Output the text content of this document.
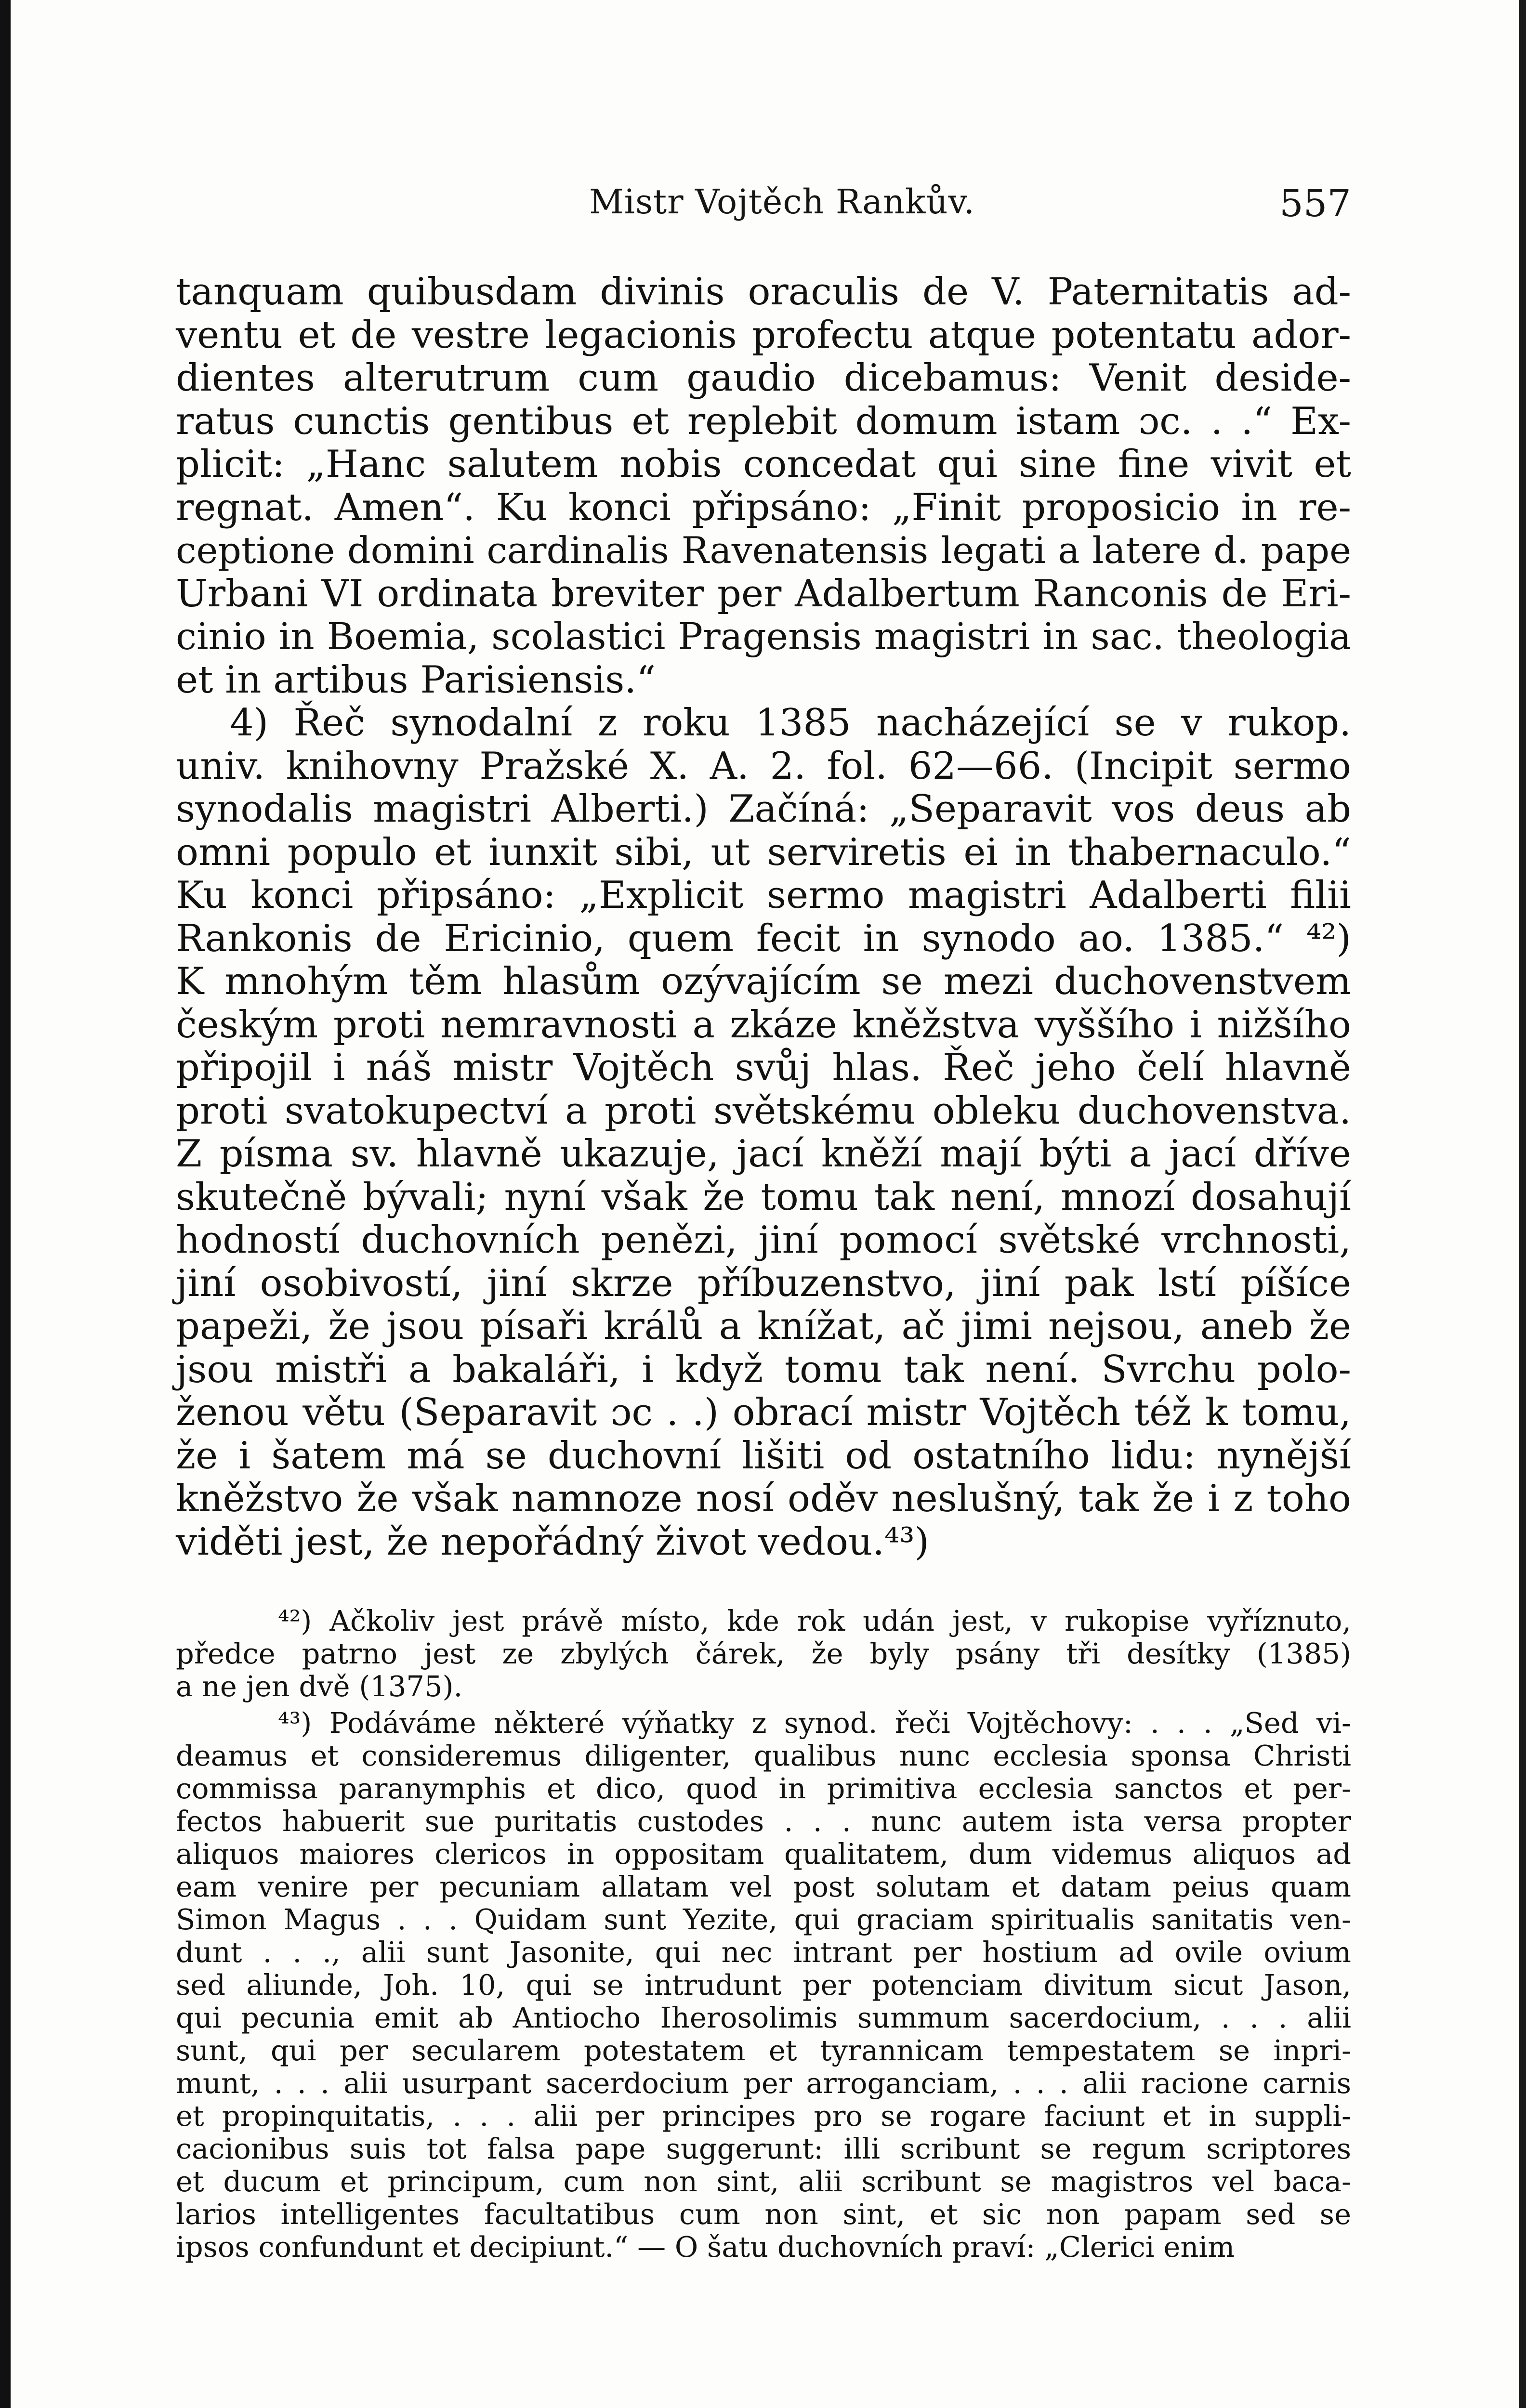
Mistr Vojtěch Rankův.	557
tanquam quibusdam divinis oraculis de V. Paternitatis ad-
ventu et de vestre legacionis profectu atque potentatu ador-
dientes alterutrum cum gaudio dicebamus: Venit deside-
ratus cunctis gentibus et replebit domum istam ɔc. . .“ Ex-
plicit: „Hanc salutem nobis concedat qui sine fine vivit et
regnat. Amen“. Ku konci připsáno: „Finit proposicio in re-
ceptione domini cardinalis Ravenatensis legati a latere d. pape
Urbani VI ordinata breviter per Adalbertum Ranconis de Eri-
cinio in Boemia, scolastici Pragensis magistri in sac. theologia
et in artibus Parisiensis.“
4) Řeč synodalní z roku 1385 nacházející se v rukop.
univ. knihovny Pražské X. A. 2. fol. 62—66. (Incipit sermo
synodalis magistri Alberti.) Začíná: „Separavit vos deus ab
omni populo et iunxit sibi, ut serviretis ei in thabernaculo.“
Ku konci připsáno: „Explicit sermo magistri Adalberti filii
Rankonis de Ericinio, quem fecit in synodo ao. 1385.“ ⁴²)
K mnohým těm hlasům ozývajícím se mezi duchovenstvem
českým proti nemravnosti a zkáze kněžstva vyššího i nižšího
připojil i náš mistr Vojtěch svůj hlas. Řeč jeho čelí hlavně
proti svatokupectví a proti světskému obleku duchovenstva.
Z písma sv. hlavně ukazuje, jací kněží mají býti a jací dříve
skutečně bývali; nyní však že tomu tak není, mnozí dosahují
hodností duchovních penězi, jiní pomocí světské vrchnosti,
jiní osobivostí, jiní skrze příbuzenstvo, jiní pak lstí píšíce
papeži, že jsou písaři králů a knížat, ač jimi nejsou, aneb že
jsou mistři a bakaláři, i když tomu tak není. Svrchu polo-
ženou větu (Separavit ɔc . .) obrací mistr Vojtěch též k tomu,
že i šatem má se duchovní lišiti od ostatního lidu: nynější
kněžstvo že však namnoze nosí oděv neslušný, tak že i z toho
viděti jest, že nepořádný život vedou.⁴³)
⁴²) Ačkoliv jest právě místo, kde rok udán jest, v rukopise vyříznuto,
předce patrno jest ze zbylých čárek, že byly psány tři desítky (1385)
a ne jen dvě (1375).
⁴³) Podáváme některé výňatky z synod. řeči Vojtěchovy: . . . „Sed vi-
deamus et consideremus diligenter, qualibus nunc ecclesia sponsa Christi
commissa paranymphis et dico, quod in primitiva ecclesia sanctos et per-
fectos habuerit sue puritatis custodes . . . nunc autem ista versa propter
aliquos maiores clericos in oppositam qualitatem, dum videmus aliquos ad
eam venire per pecuniam allatam vel post solutam et datam peius quam
Simon Magus . . . Quidam sunt Yezite, qui graciam spiritualis sanitatis ven-
dunt . . ., alii sunt Jasonite, qui nec intrant per hostium ad ovile ovium
sed aliunde, Joh. 10, qui se intrudunt per potenciam divitum sicut Jason,
qui pecunia emit ab Antiocho Iherosolimis summum sacerdocium, . . . alii
sunt, qui per secularem potestatem et tyrannicam tempestatem se inpri-
munt, . . . alii usurpant sacerdocium per arroganciam, . . . alii racione carnis
et propinquitatis, . . . alii per principes pro se rogare faciunt et in suppli-
cacionibus suis tot falsa pape suggerunt: illi scribunt se regum scriptores
et ducum et principum, cum non sint, alii scribunt se magistros vel baca-
larios intelligentes facultatibus cum non sint, et sic non papam sed se
ipsos confundunt et decipiunt.“ — O šatu duchovních praví: „Clerici enim
